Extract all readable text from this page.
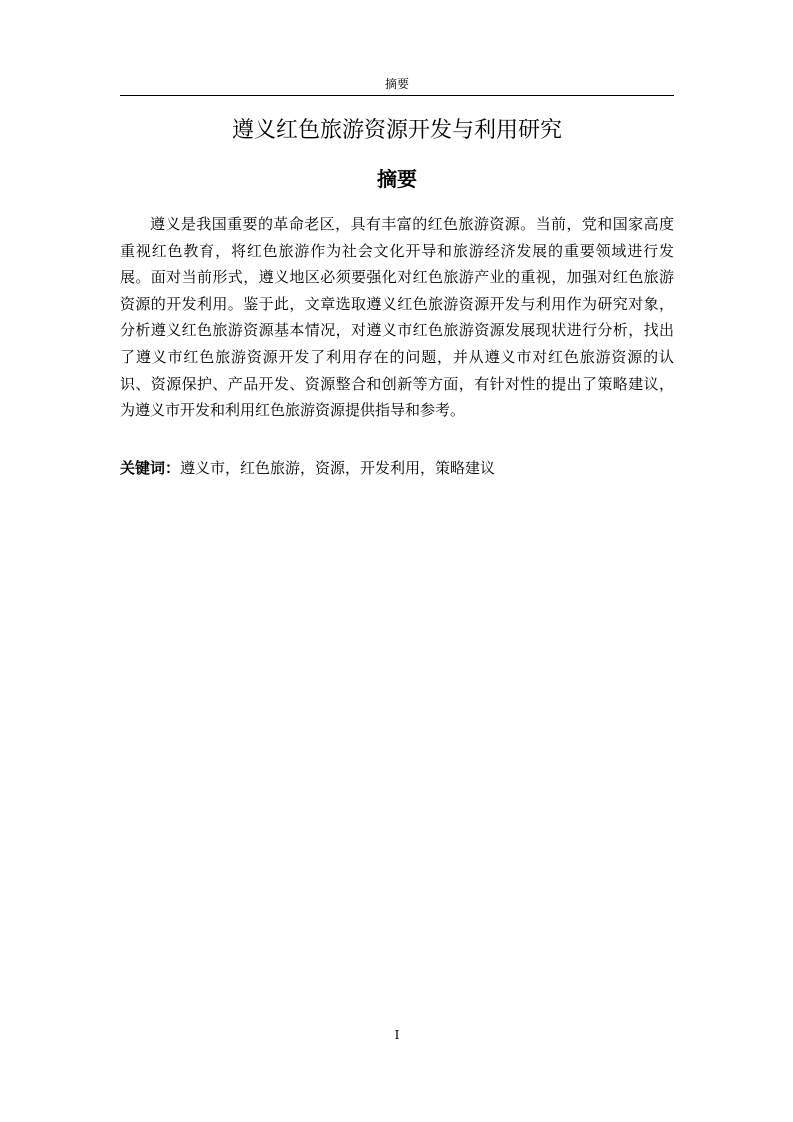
摘要
遵义红色旅游资源开发与利用研究
摘要

遵义是我国重要的革命老区，具有丰富的红色旅游资源。当前，党和国家高度重视红色教育，将红色旅游作为社会文化开导和旅游经济发展的重要领域进行发展。面对当前形式，遵义地区必须要强化对红色旅游产业的重视，加强对红色旅游资源的开发利用。鉴于此，文章选取遵义红色旅游资源开发与利用作为研究对象，分析遵义红色旅游资源基本情况，对遵义市红色旅游资源发展现状进行分析，找出了遵义市红色旅游资源开发了利用存在的问题，并从遵义市对红色旅游资源的认识、资源保护、产品开发、资源整合和创新等方面，有针对性的提出了策略建议，为遵义市开发和利用红色旅游资源提供指导和参考。

关键词：遵义市，红色旅游，资源，开发利用，策略建议

I
